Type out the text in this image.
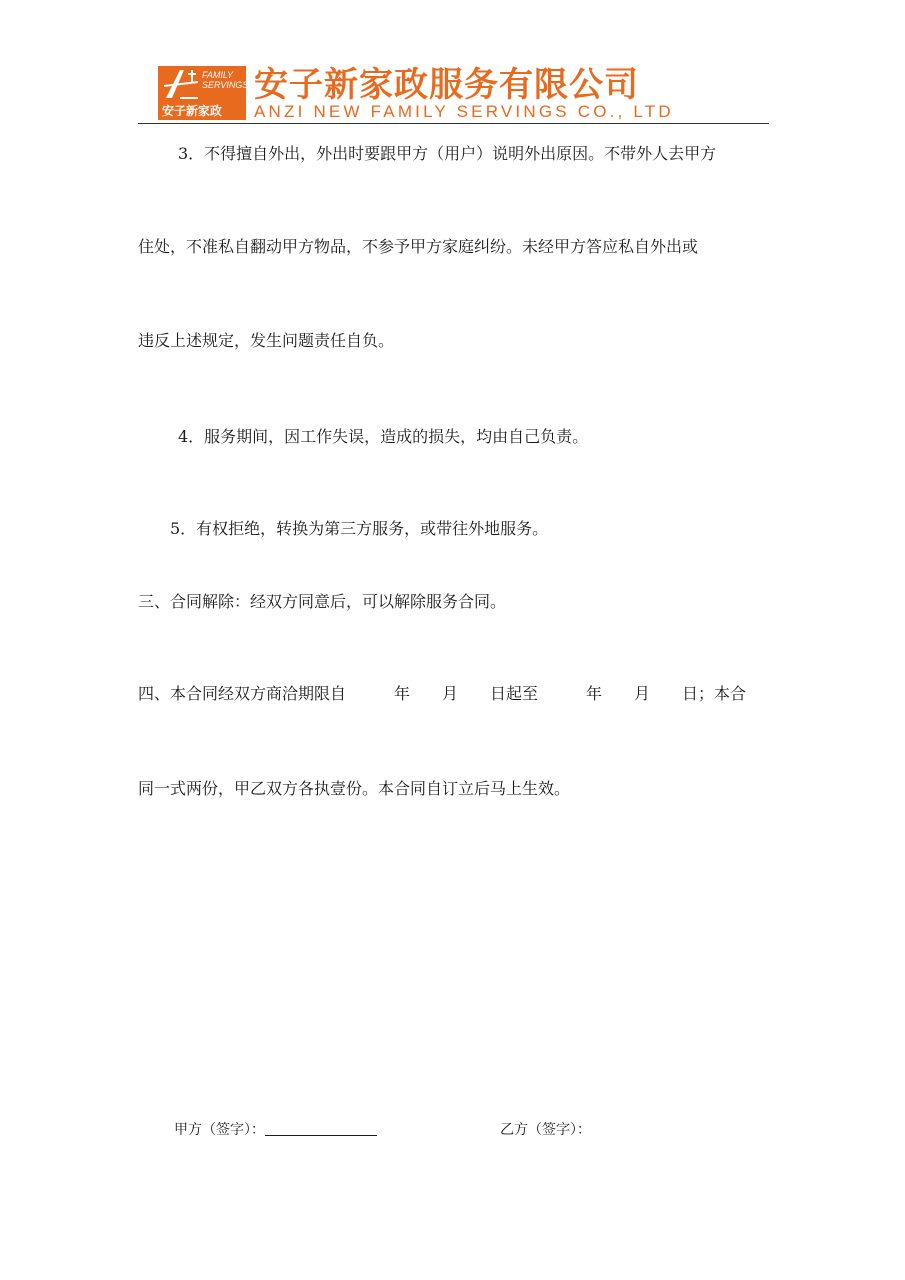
FAMILY
SERVINGS
安子新家政
安子新家政服务有限公司
ANZI NEW FAMILY SERVINGS CO., LTD
3．不得擅自外出，外出时要跟甲方（用户）说明外出原因。不带外人去甲方
住处，不准私自翻动甲方物品，不参予甲方家庭纠纷。未经甲方答应私自外出或
违反上述规定，发生问题责任自负。
4．服务期间，因工作失误，造成的损失，均由自己负责。
5．有权拒绝，转换为第三方服务，或带往外地服务。
三、合同解除：经双方同意后，可以解除服务合同。
四、本合同经双方商洽期限自　　　年　　月　　日起至　　　年　　月　　日；本合
同一式两份，甲乙双方各执壹份。本合同自订立后马上生效。
甲方（签字）：	乙方（签字）：
